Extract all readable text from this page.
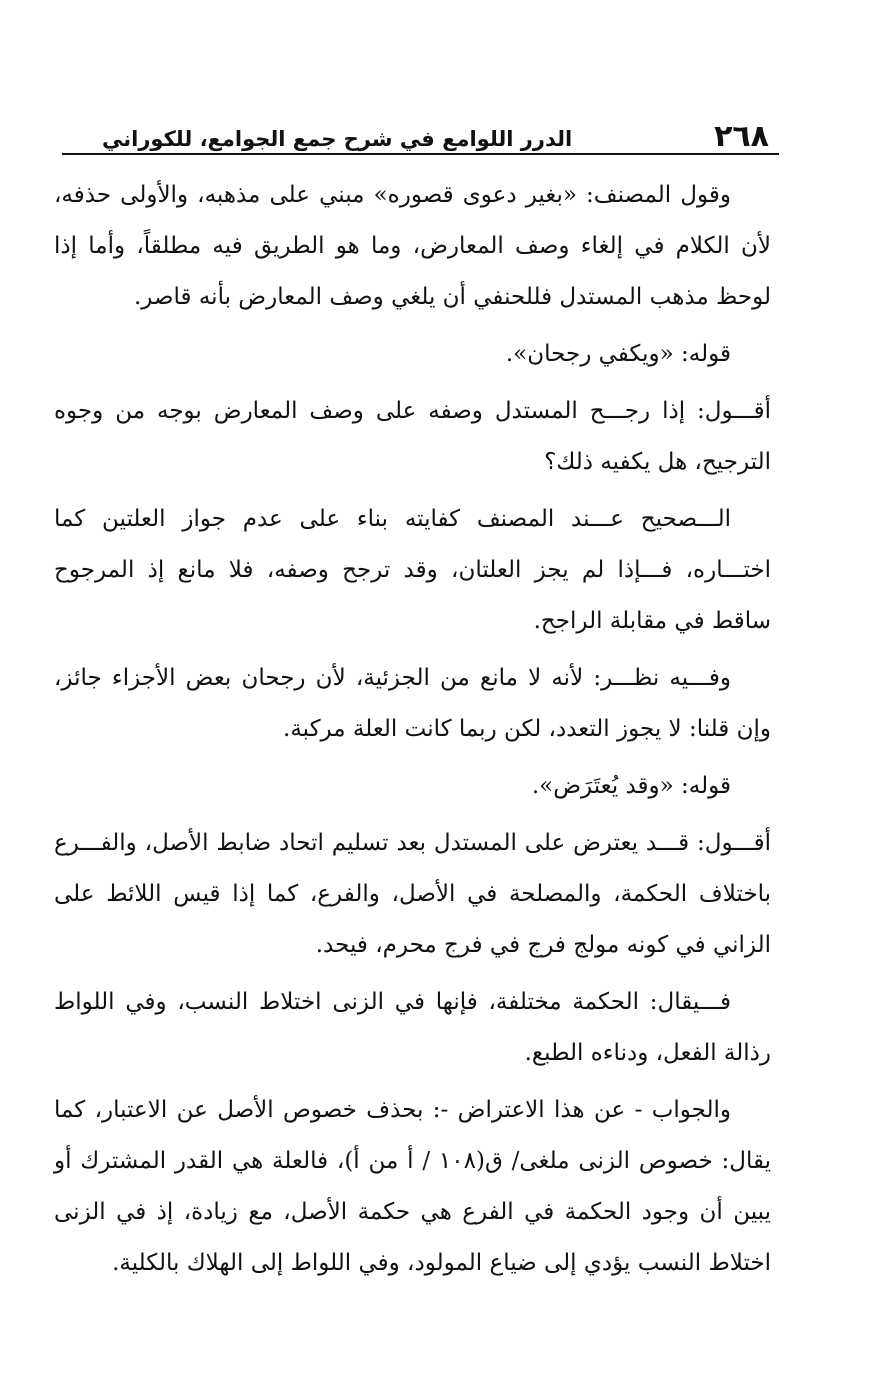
٢٦٨
الدرر اللوامع في شرح جمع الجوامع، للكوراني

وقول المصنف: «بغير دعوى قصوره» مبني على مذهبه، والأولى حذفه، لأن الكلام في إلغاء وصف المعارض، وما هو الطريق فيه مطلقاً، وأما إذا لوحظ مذهب المستدل فللحنفي أن يلغي وصف المعارض بأنه قاصر.

قوله: «ويكفي رجحان».

أقـــول: إذا رجـــح المستدل وصفه على وصف المعارض بوجه من وجوه الترجيح، هل يكفيه ذلك؟

الـــصحيح عـــند المصنف كفايته بناء على عدم جواز العلتين كما اختـــاره، فـــإذا لم يجز العلتان، وقد ترجح وصفه، فلا مانع إذ المرجوح ساقط في مقابلة الراجح.

وفـــيه نظـــر: لأنه لا مانع من الجزئية، لأن رجحان بعض الأجزاء جائز، وإن قلنا: لا يجوز التعدد، لكن ربما كانت العلة مركبة.

قوله: «وقد يُعتَرَض».

أقـــول: قـــد يعترض على المستدل بعد تسليم اتحاد ضابط الأصل، والفـــرع باختلاف الحكمة، والمصلحة في الأصل، والفرع، كما إذا قيس اللائط على الزاني في كونه مولج فرج في فرج محرم، فيحد.

فـــيقال: الحكمة مختلفة، فإنها في الزنى اختلاط النسب، وفي اللواط رذالة الفعل، ودناءه الطبع.

والجواب - عن هذا الاعتراض -: بحذف خصوص الأصل عن الاعتبار، كما يقال: خصوص الزنى ملغى/ ق(١٠٨ / أ من أ)، فالعلة هي القدر المشترك أو يبين أن وجود الحكمة في الفرع هي حكمة الأصل، مع زيادة، إذ في الزنى اختلاط النسب يؤدي إلى ضياع المولود، وفي اللواط إلى الهلاك بالكلية.
